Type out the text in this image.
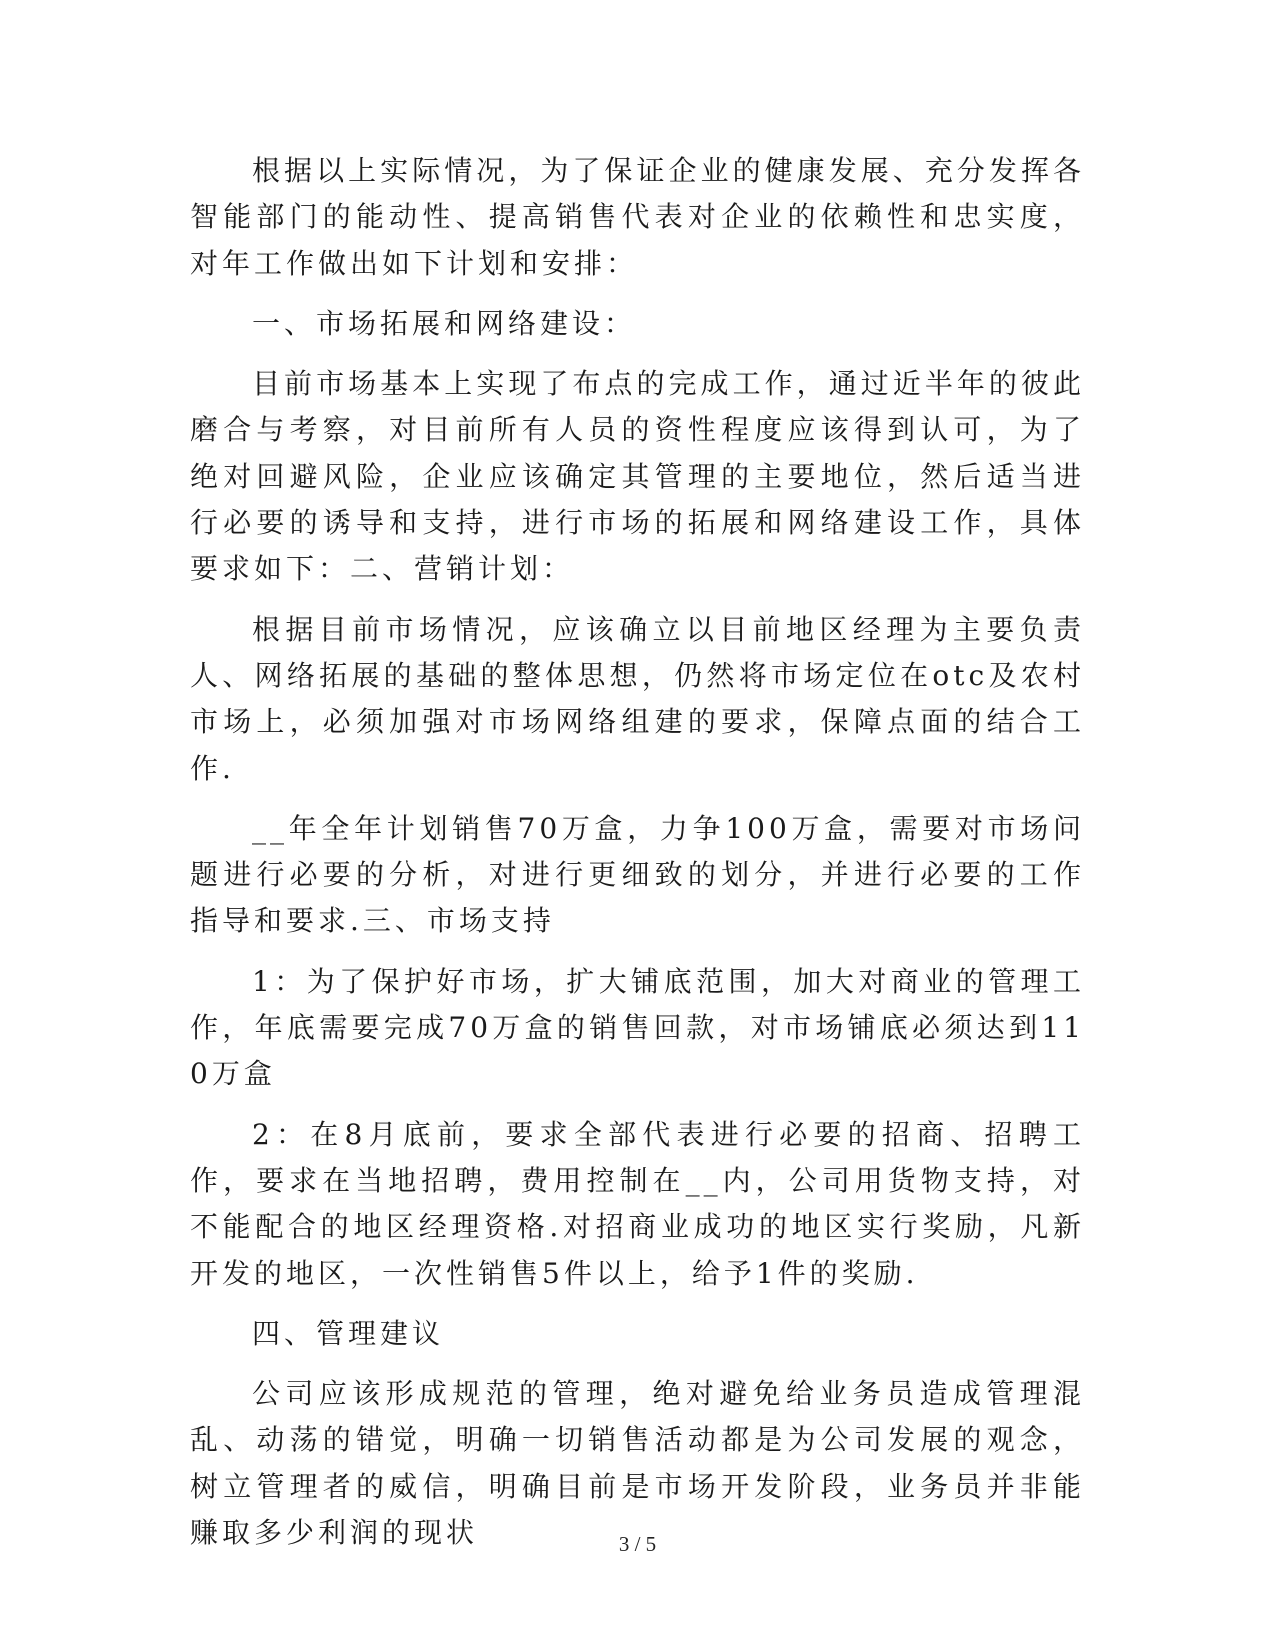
根据以上实际情况，为了保证企业的健康发展、充分发挥各智能部门的能动性、提高销售代表对企业的依赖性和忠实度，对年工作做出如下计划和安排：

一、市场拓展和网络建设：

目前市场基本上实现了布点的完成工作，通过近半年的彼此磨合与考察，对目前所有人员的资性程度应该得到认可，为了绝对回避风险，企业应该确定其管理的主要地位，然后适当进行必要的诱导和支持，进行市场的拓展和网络建设工作，具体要求如下：二、营销计划：

根据目前市场情况，应该确立以目前地区经理为主要负责人、网络拓展的基础的整体思想，仍然将市场定位在otc及农村市场上，必须加强对市场网络组建的要求，保障点面的结合工作.

__年全年计划销售70万盒，力争100万盒，需要对市场问题进行必要的分析，对进行更细致的划分，并进行必要的工作指导和要求.三、市场支持

1：为了保护好市场，扩大铺底范围，加大对商业的管理工作，年底需要完成70万盒的销售回款，对市场铺底必须达到110万盒

2：在8月底前，要求全部代表进行必要的招商、招聘工作，要求在当地招聘，费用控制在__内，公司用货物支持，对不能配合的地区经理资格.对招商业成功的地区实行奖励，凡新开发的地区，一次性销售5件以上，给予1件的奖励.

四、管理建议

公司应该形成规范的管理，绝对避免给业务员造成管理混乱、动荡的错觉，明确一切销售活动都是为公司发展的观念，树立管理者的威信，明确目前是市场开发阶段，业务员并非能赚取多少利润的现状	3 / 5
